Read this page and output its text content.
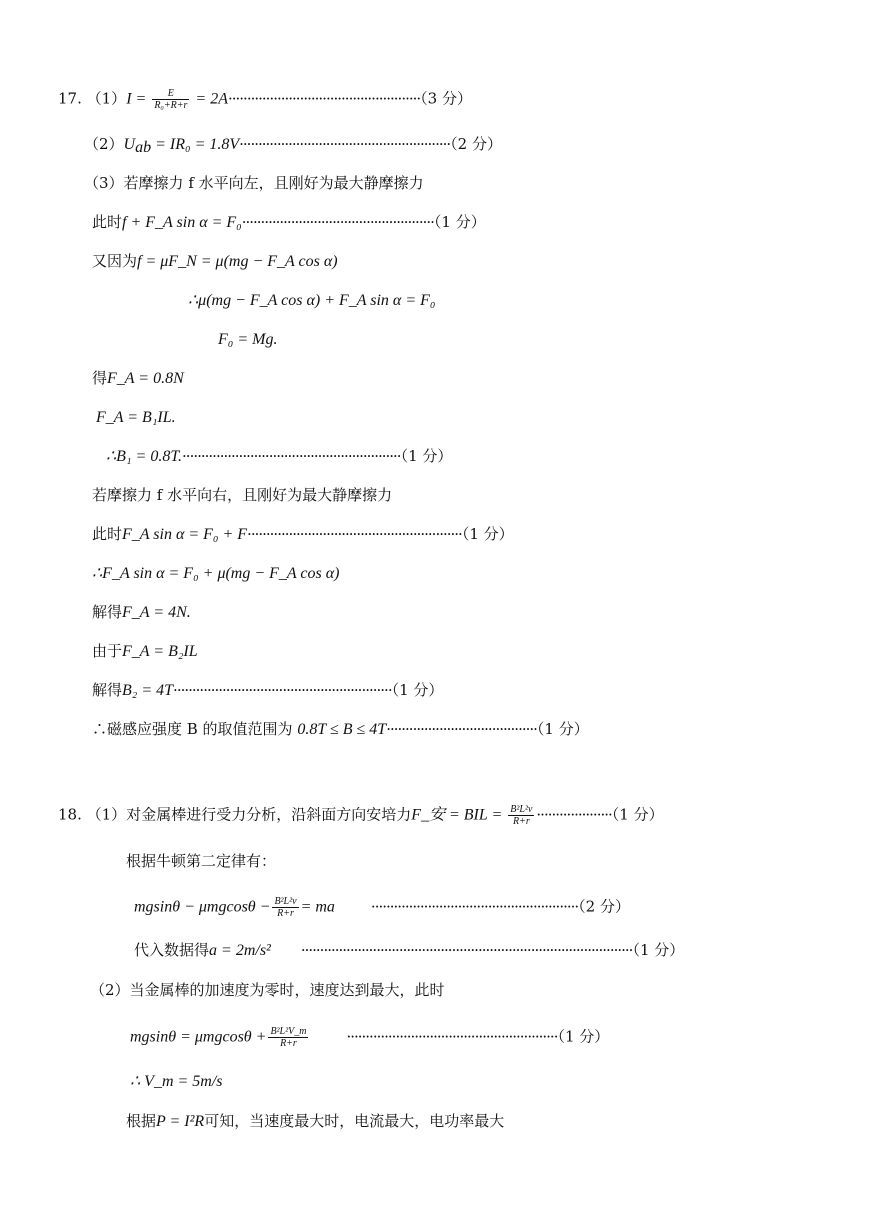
17. $(1)I = \frac{E}{\text{R₀+R+r}} = 2A\cdot\cdot\cdot\cdot\cdot\cdot\cdot\cdot\cdot\cdot\cdot\cdot\cdot\cdot\cdot\cdot\cdot\cdot\cdot\cdot\cdot\cdot\cdot\cdot\cdot\cdot\cdot\cdot\cdot\cdot\cdot\cdot\cdot\cdot\cdot\cdot\cdot\cdot\cdot\cdot\cdot\cdot\cdot\cdot\cdot\cdot\cdot\cdot\cdot\cdot\cdot(3$ 分）
$(2)U_{ab} = IR_0 = 1.8V\cdot\cdot\cdot\cdot\cdot\cdot\cdot\cdot\cdot\cdot\cdot\cdot\cdot\cdot\cdot\cdot\cdot\cdot\cdot\cdot\cdot\cdot\cdot\cdot\cdot\cdot\cdot\cdot\cdot\cdot\cdot\cdot\cdot\cdot\cdot\cdot\cdot\cdot\cdot\cdot\cdot\cdot\cdot\cdot\cdot\cdot\cdot\cdot\cdot\cdot\cdot\cdot\cdot\cdot\cdot\cdot(2$ 分）
（3）若摩擦力 f 水平向左，且刚好为最大静摩擦力
此时f + F_A sin α = F₀···················································（1 分）
又因为f = μF_N = μ(mg − F_A cos α)
∴μ(mg − F_A cos α) + F_A sin α = F₀
F₀ = Mg.
得F_A = 0.8N
F_A = B₁IL.
∴B₁ = 0.8T.··························································（1 分）
若摩擦力 f 水平向右，且刚好为最大静摩擦力
此时F_A sin α = F₀ + F·························································（1 分）
∴F_A sin α = F₀ + μ(mg − F_A cos α)
解得F_A = 4N.
由于F_A = B₂IL
解得B₂ = 4T··························································（1 分）
∴磁感应强度 B 的取值范围为 0.8T ≤ B ≤ 4T········································（1 分）
18. （1）对金属棒进行受力分析，沿斜面方向安培力F_安 = BIL = $\frac{\text{B²L²v}}{R+r} \cdot\cdot\cdot\cdot\cdot\cdot\cdot\cdot\cdot\cdot\cdot\cdot\cdot\cdot\cdot\cdot\cdot\cdot\cdot\cdot(1$ 分）
根据牛顿第二定律有：
$mgsin\theta - \mu mgcos\theta - \frac{\text{B²L²v}}{R+r}$ = ma ·······················································（2 分）
代入数据得a = 2m/s² ························································································（1 分）
（2）当金属棒的加速度为零时，速度达到最大，此时
$mgsin\theta = \mu mgcos\theta + \frac{\text{B²L²V\_m}}{R+r}$	························································（1 分）
∴ V_m = 5m/s
根据P = I²R可知，当速度最大时，电流最大，电功率最大
